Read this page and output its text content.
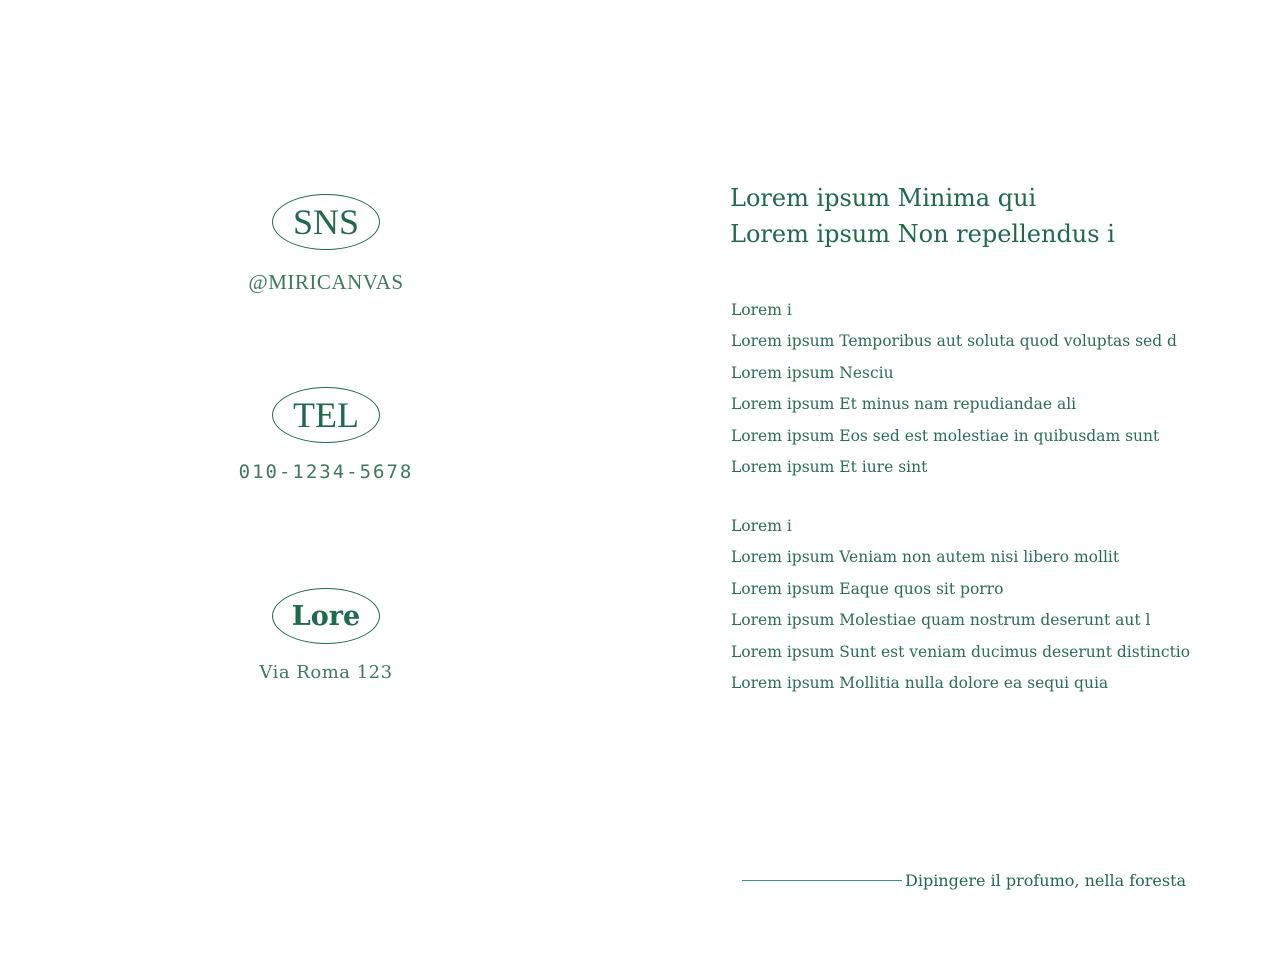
SNS
@MIRICANVAS
TEL
010-1234-5678
Lore
Via Roma 123
Lorem ipsum Minima qui
Lorem ipsum Non repellendus i
Lorem i
Lorem ipsum Temporibus aut soluta quod voluptas sed d
Lorem ipsum Nesciu
Lorem ipsum Et minus nam repudiandae ali
Lorem ipsum Eos sed est molestiae in quibusdam sunt
Lorem ipsum Et iure sint
Lorem i
Lorem ipsum Veniam non autem nisi libero mollit
Lorem ipsum Eaque quos sit porro
Lorem ipsum Molestiae quam nostrum deserunt aut l
Lorem ipsum Sunt est veniam ducimus deserunt distinctio
Lorem ipsum Mollitia nulla dolore ea sequi quia
Dipingere il profumo, nella foresta
